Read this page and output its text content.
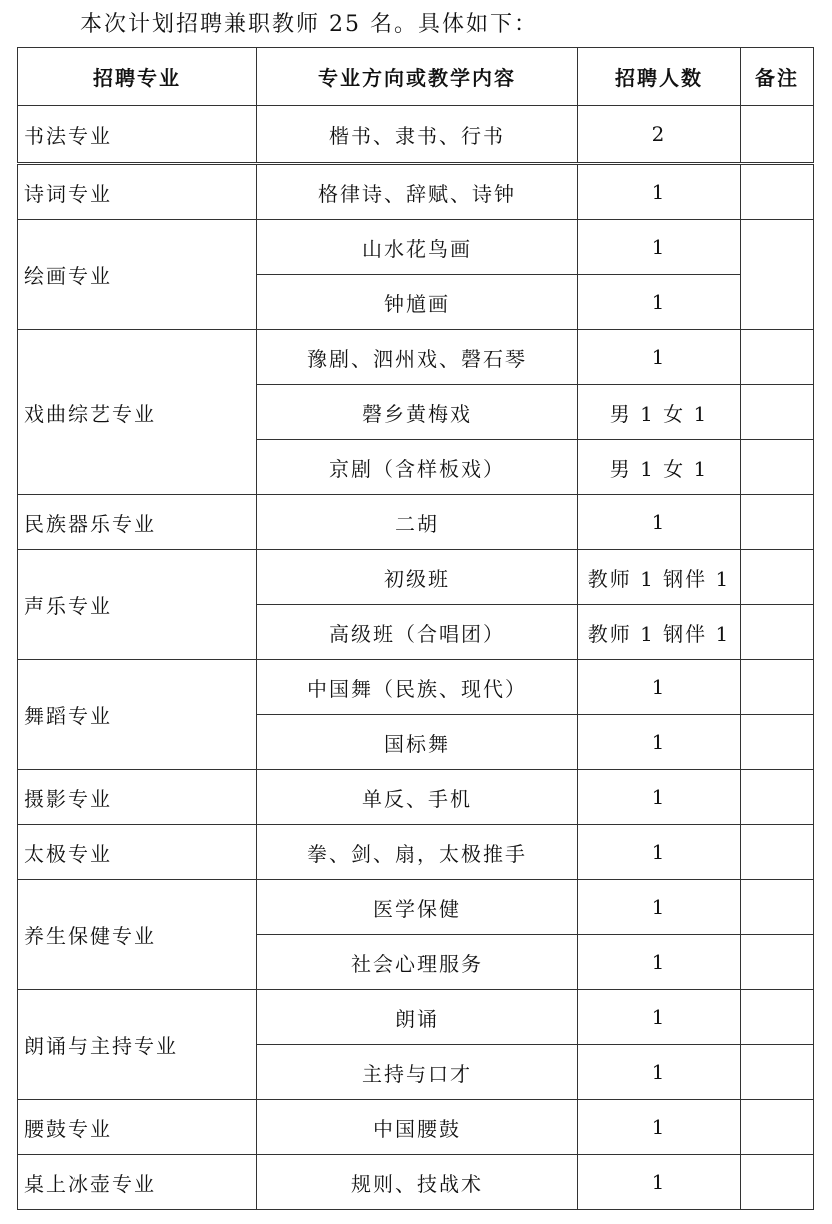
本次计划招聘兼职教师 25 名。具体如下：
招聘专业	专业方向或教学内容	招聘人数	备注
书法专业	楷书、隶书、行书	2	
诗词专业	格律诗、辞赋、诗钟	1	
绘画专业	山水花鸟画	1	
	钟馗画	1	
戏曲综艺专业	豫剧、泗州戏、磬石琴	1	
	磬乡黄梅戏	男 1 女 1	
	京剧（含样板戏）	男 1 女 1	
民族器乐专业	二胡	1	
声乐专业	初级班	教师 1 钢伴 1	
	高级班（合唱团）	教师 1 钢伴 1	
舞蹈专业	中国舞（民族、现代）	1	
	国标舞	1	
摄影专业	单反、手机	1	
太极专业	拳、剑、扇，太极推手	1	
养生保健专业	医学保健	1	
	社会心理服务	1	
朗诵与主持专业	朗诵	1	
	主持与口才	1	
腰鼓专业	中国腰鼓	1	
桌上冰壶专业	规则、技战术	1	
